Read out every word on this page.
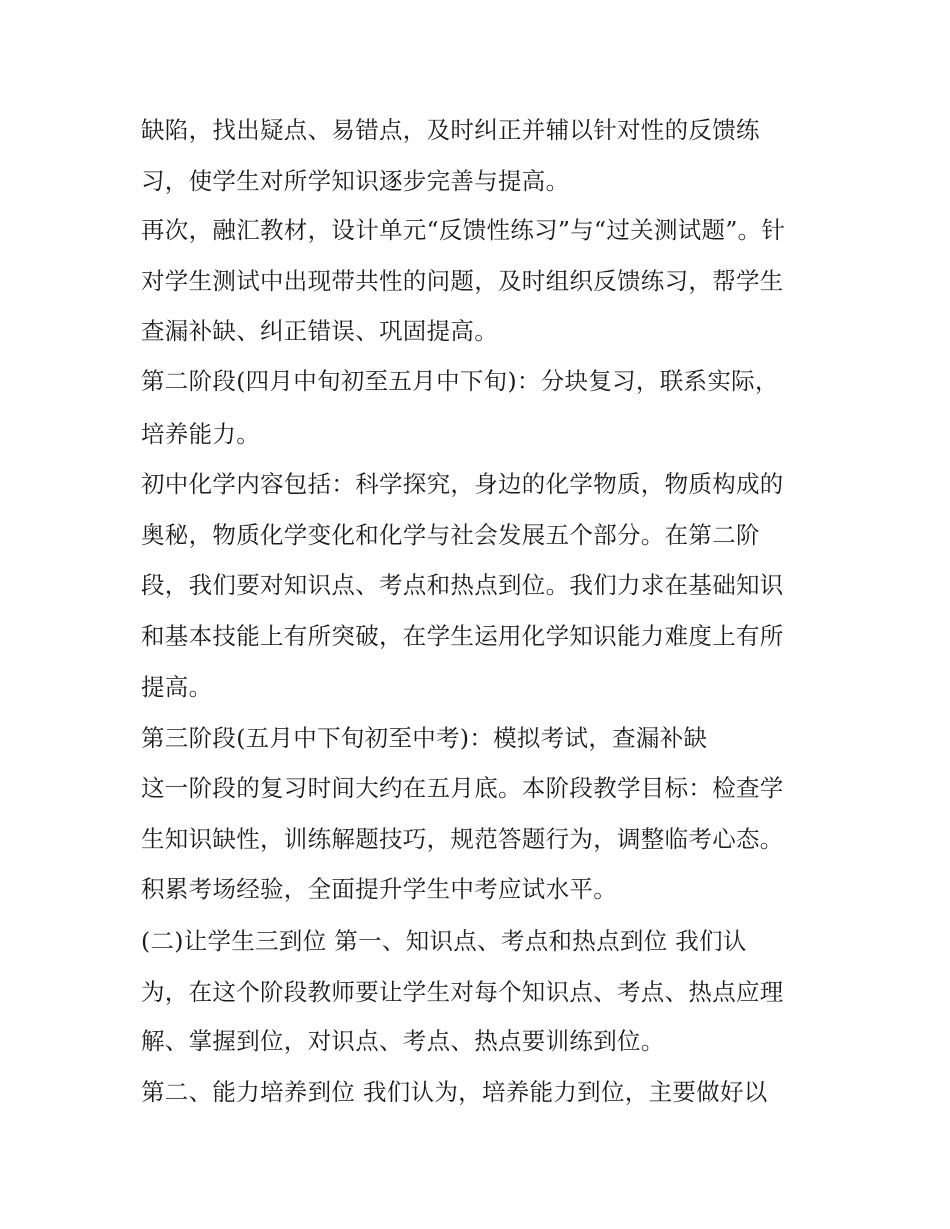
缺陷，找出疑点、易错点，及时纠正并辅以针对性的反馈练
习，使学生对所学知识逐步完善与提高。
再次，融汇教材，设计单元“反馈性练习”与“过关测试题”。针
对学生测试中出现带共性的问题，及时组织反馈练习，帮学生
查漏补缺、纠正错误、巩固提高。
第二阶段(四月中旬初至五月中下旬)：分块复习，联系实际，
培养能力。
初中化学内容包括：科学探究，身边的化学物质，物质构成的
奥秘，物质化学变化和化学与社会发展五个部分。在第二阶
段，我们要对知识点、考点和热点到位。我们力求在基础知识
和基本技能上有所突破，在学生运用化学知识能力难度上有所
提高。
第三阶段(五月中下旬初至中考)：模拟考试，查漏补缺
这一阶段的复习时间大约在五月底。本阶段教学目标：检查学
生知识缺性，训练解题技巧，规范答题行为，调整临考心态。
积累考场经验，全面提升学生中考应试水平。
(二)让学生三到位 第一、知识点、考点和热点到位 我们认
为，在这个阶段教师要让学生对每个知识点、考点、热点应理
解、掌握到位，对识点、考点、热点要训练到位。
第二、能力培养到位 我们认为，培养能力到位，主要做好以
